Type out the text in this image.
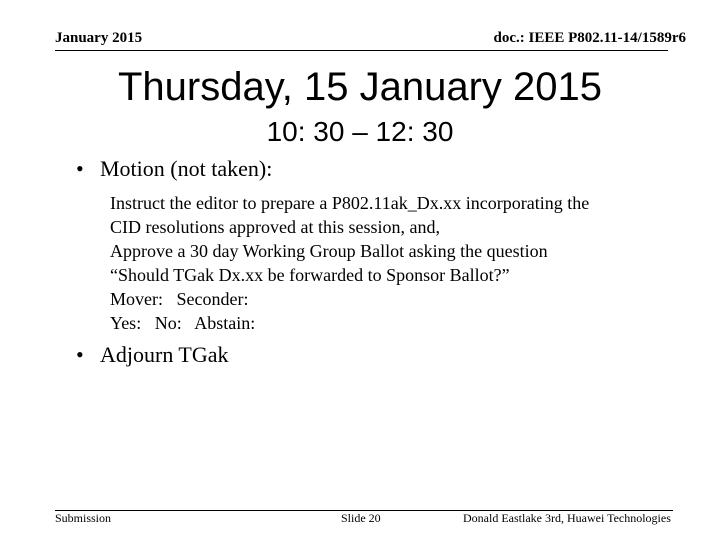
January 2015	doc.: IEEE P802.11-14/1589r6
Thursday, 15 January 2015
10: 30 – 12: 30
• Motion (not taken):
Instruct the editor to prepare a P802.11ak_Dx.xx incorporating the
CID resolutions approved at this session, and,
Approve a 30 day Working Group Ballot asking the question
“Should TGak Dx.xx be forwarded to Sponsor Ballot?”
Mover:   Seconder:
Yes:   No:   Abstain:
• Adjourn TGak
Submission	Slide 20	Donald Eastlake 3rd, Huawei Technologies
